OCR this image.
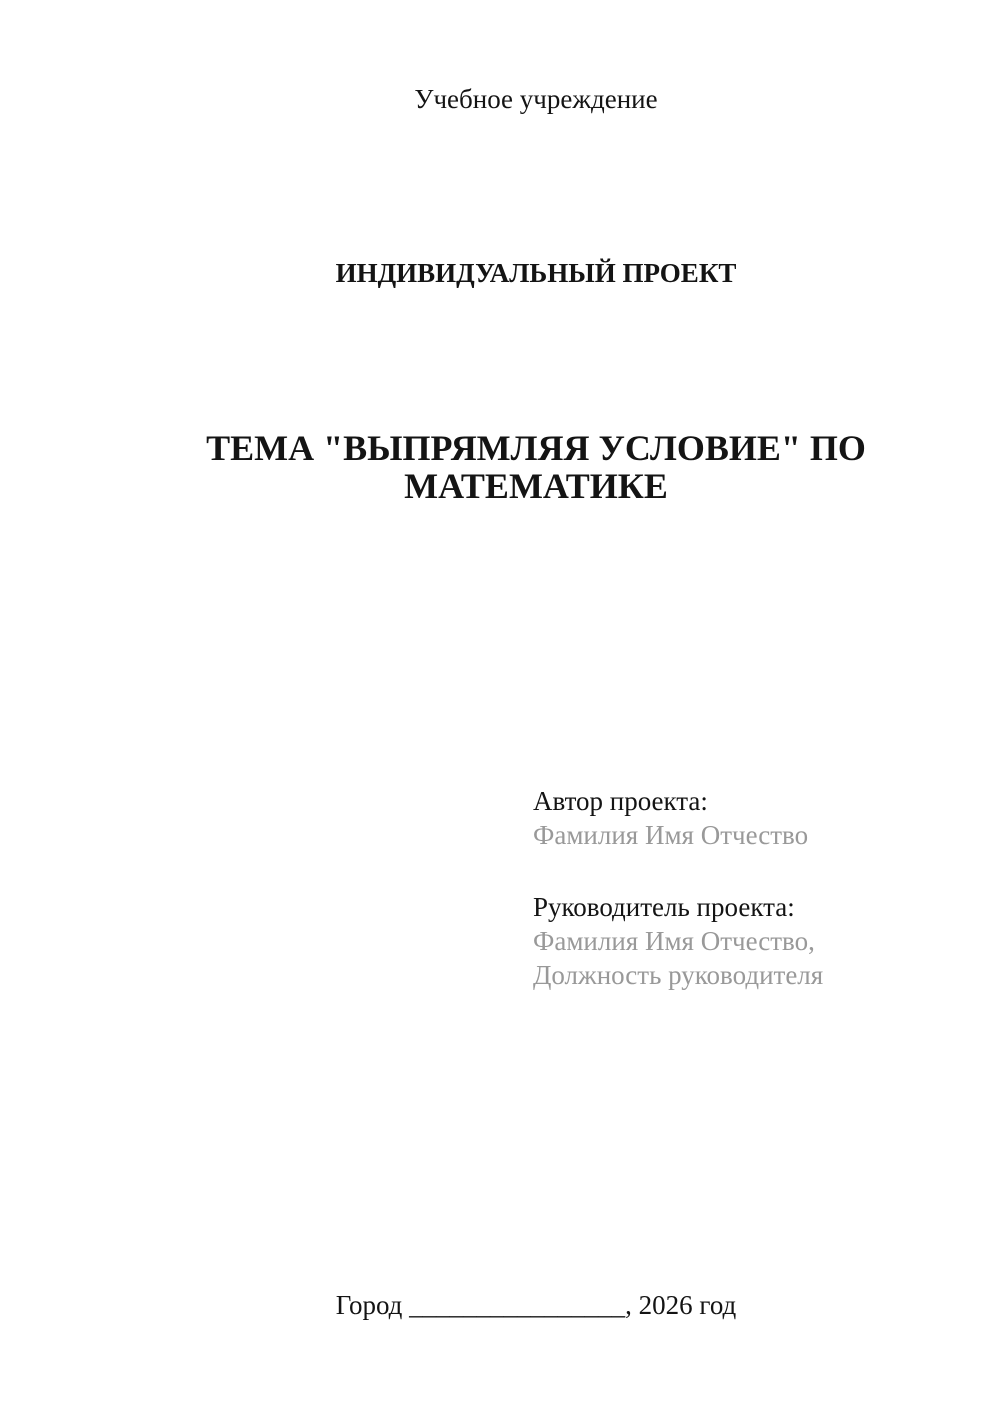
Учебное учреждение
ИНДИВИДУАЛЬНЫЙ ПРОЕКТ
ТЕМА "ВЫПРЯМЛЯЯ УСЛОВИЕ" ПО МАТЕМАТИКЕ
Автор проекта:
Фамилия Имя Отчество
Руководитель проекта:
Фамилия Имя Отчество,
Должность руководителя
Город ________________, 2026 год
